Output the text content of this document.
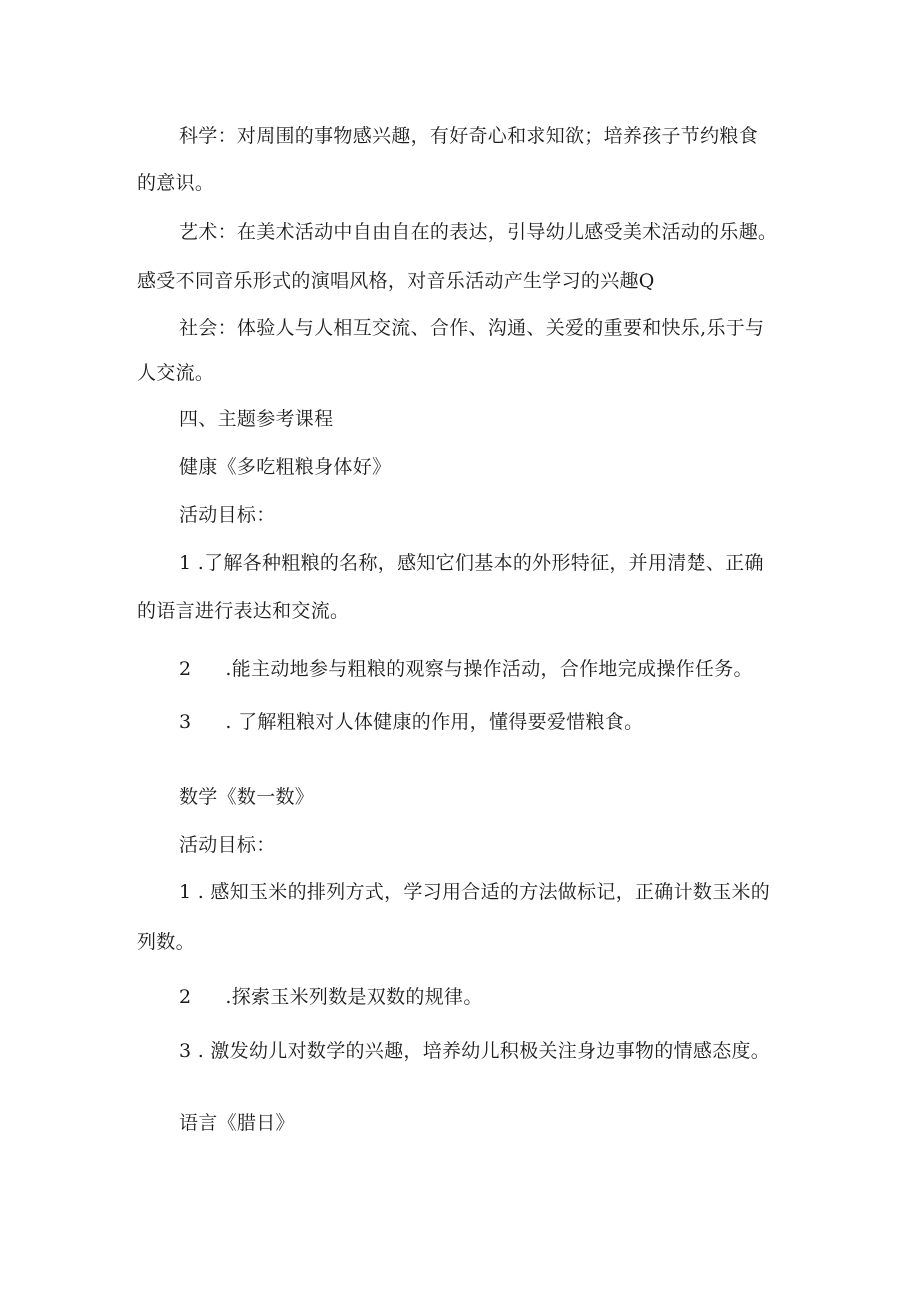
科学：对周围的事物感兴趣，有好奇心和求知欲；培养孩子节约粮食
的意识。
艺术：在美术活动中自由自在的表达，引导幼儿感受美术活动的乐趣。
感受不同音乐形式的演唱风格，对音乐活动产生学习的兴趣Q
社会：体验人与人相互交流、合作、沟通、关爱的重要和快乐,乐于与
人交流。
四、主题参考课程
健康《多吃粗粮身体好》
活动目标：
1 .了解各种粗粮的名称，感知它们基本的外形特征，并用清楚、正确
的语言进行表达和交流。
2 .能主动地参与粗粮的观察与操作活动，合作地完成操作任务。
3 . 了解粗粮对人体健康的作用，懂得要爱惜粮食。
数学《数一数》
活动目标：
1 . 感知玉米的排列方式，学习用合适的方法做标记，正确计数玉米的
列数。
2 .探索玉米列数是双数的规律。
3 . 激发幼儿对数学的兴趣，培养幼儿积极关注身边事物的情感态度。
语言《腊日》
